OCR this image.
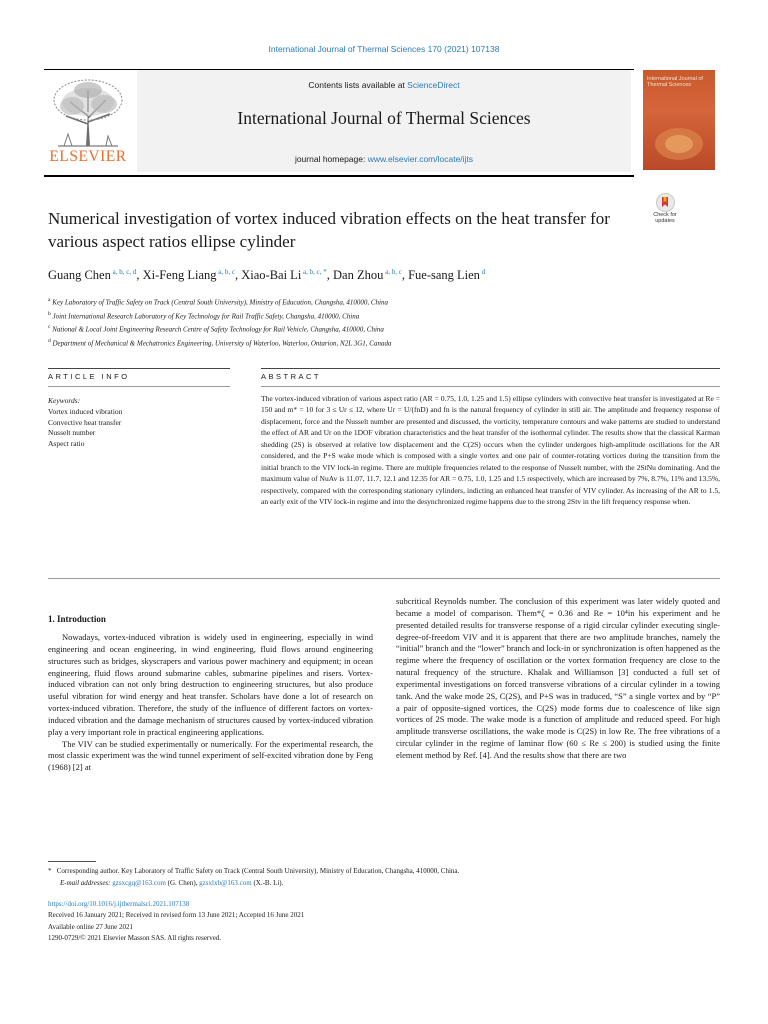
International Journal of Thermal Sciences 170 (2021) 107138
ELSEVIER
Contents lists available at ScienceDirect
International Journal of Thermal Sciences
journal homepage: www.elsevier.com/locate/ijts
International Journal of Thermal Sciences
Check for updates
Numerical investigation of vortex induced vibration effects on the heat transfer for various aspect ratios ellipse cylinder
Guang Chen $^{a, b, c, d}$, Xi-Feng Liang $^{a, b, c}$, Xiao-Bai Li $^{a, b, c, *}$, Dan Zhou $^{a, b, c}$, Fue-sang Lien $^d$
$^a$ Key Laboratory of Traffic Safety on Track (Central South University), Ministry of Education, Changsha, 410000, China
$^b$ Joint International Research Laboratory of Key Technology for Rail Traffic Safety, Changsha, 410000, China
$^c$ National & Local Joint Engineering Research Centre of Safety Technology for Rail Vehicle, Changsha, 410000, China
$^d$ Department of Mechanical & Mechatronics Engineering, University of Waterloo, Waterloo, Ontarion, N2L 3G1, Canada
ARTICLE INFO
Keywords:
Vortex induced vibration
Convective heat transfer
Nusselt number
Aspect ratio
ABSTRACT
The vortex-induced vibration of various aspect ratio (AR = 0.75, 1.0, 1.25 and 1.5) ellipse cylinders with convective heat transfer is investigated at Re = 150 and m* = 10 for 3 ≤ Ur ≤ 12, where Ur = U/(fnD) and fn is the natural frequency of cylinder in still air. The amplitude and frequency response of displacement, force and the Nusselt number are presented and discussed, the vorticity, temperature contours and wake patterns are studied to understand the effect of AR and Ur on the 1DOF vibration characteristics and the heat transfer of the isothermal cylinder. The results show that the classical Karman shedding (2S) is observed at relative low displacement and the C(2S) occurs when the cylinder undergoes high-amplitude oscillations for the AR considered, and the P+S wake mode which is composed with a single vortex and one pair of counter-rotating vortices during the transition from the initial branch to the VIV lock-in regime. There are multiple frequencies related to the response of Nusselt number, with the 2StNu dominating. And the maximum value of NuAv is 11.07, 11.7, 12.1 and 12.35 for AR = 0.75, 1.0, 1.25 and 1.5 respectively, which are increased by 7%, 8.7%, 11% and 13.5%, respectively, compared with the corresponding stationary cylinders, indicting an enhanced heat transfer of VIV cylinder. As increasing of the AR to 1.5, an early exit of the VIV lock-in regime and into the desynchronized regime happens due to the strong 2Stv in the lift frequency response when.
1. Introduction

Nowadays, vortex-induced vibration is widely used in engineering, especially in wind engineering and ocean engineering, in wind engineering, fluid flows around engineering structures such as bridges, skyscrapers and various power machinery and equipment; in ocean engineering, fluid flows around submarine cables, submarine pipelines and risers. Vortex-induced vibration can not only bring destruction to engineering structures, but also produce useful vibration for wind energy and heat transfer. Scholars have done a lot of research on vortex-induced vibration. Therefore, the study of the influence of different factors on vortex-induced vibration and the damage mechanism of structures caused by vortex-induced vibration play a very important role in practical engineering applications.

The VIV can be studied experimentally or numerically. For the experimental research, the most classic experiment was the wind tunnel experiment of self-excited vibration done by Feng (1968) [2] at

subcritical Reynolds number. The conclusion of this experiment was later widely quoted and became a model of comparison. Them*ζ = 0.36 and Re = 10⁴in his experiment and he presented detailed results for transverse response of a rigid circular cylinder executing single-degree-of-freedom VIV and it is apparent that there are two amplitude branches, namely the “initial” branch and the “lower” branch and lock-in or synchronization is often happened as the regime where the frequency of oscillation or the vortex formation frequency are close to the natural frequency of the structure. Khalak and Williamson [3] conducted a full set of experimental investigations on forced transverse vibrations of a circular cylinder in a towing tank. And the wake mode 2S, C(2S), and P+S was in traduced, “S” a single vortex and by “P” a pair of opposite-signed vortices, the C(2S) mode forms due to coalescence of like sign vortices of 2S mode. The wake mode is a function of amplitude and reduced speed. For high amplitude transverse oscillations, the wake mode is C(2S) in low Re. The free vibrations of a circular cylinder in the regime of laminar flow (60 ≤ Re ≤ 200) is studied using the finite element method by Ref. [4]. And the results show that there are two

* Corresponding author. Key Laboratory of Traffic Safety on Track (Central South University), Ministry of Education, Changsha, 410000, China.
E-mail addresses: gzsxcgq@163.com (G. Chen), gzsxlxb@163.com (X.-B. Li).
https://doi.org/10.1016/j.ijthermalsci.2021.107138
Received 16 January 2021; Received in revised form 13 June 2021; Accepted 16 June 2021
Available online 27 June 2021
1290-0729/© 2021 Elsevier Masson SAS. All rights reserved.
